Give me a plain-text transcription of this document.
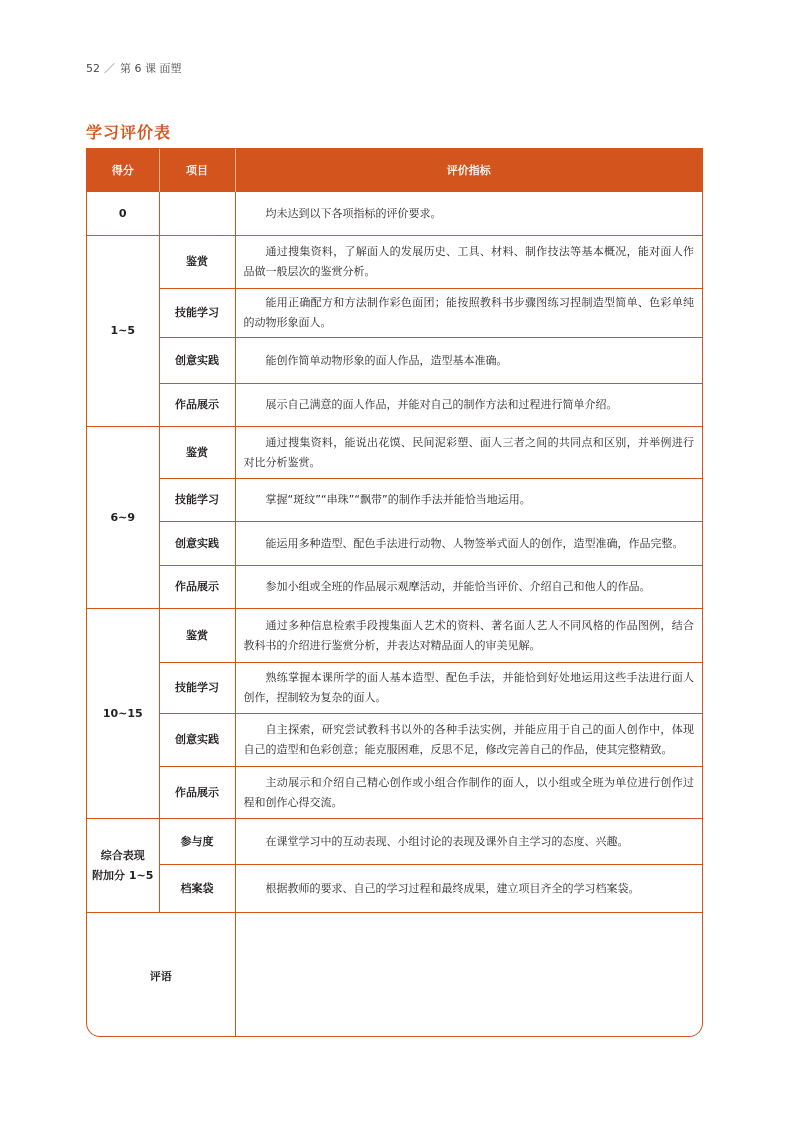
52 ／ 第 6 课 面塑
学习评价表
得分	项目	评价指标
0		均未达到以下各项指标的评价要求。
1~5	鉴赏	通过搜集资料，了解面人的发展历史、工具、材料、制作技法等基本概况，能对面人作品做一般层次的鉴赏分析。
	技能学习	能用正确配方和方法制作彩色面团；能按照教科书步骤图练习捏制造型简单、色彩单纯的动物形象面人。
	创意实践	能创作简单动物形象的面人作品，造型基本准确。
	作品展示	展示自己满意的面人作品，并能对自己的制作方法和过程进行简单介绍。
6~9	鉴赏	通过搜集资料，能说出花馍、民间泥彩塑、面人三者之间的共同点和区别，并举例进行对比分析鉴赏。
	技能学习	掌握“斑纹”“串珠”“飘带”的制作手法并能恰当地运用。
	创意实践	能运用多种造型、配色手法进行动物、人物签举式面人的创作，造型准确，作品完整。
	作品展示	参加小组或全班的作品展示观摩活动，并能恰当评价、介绍自己和他人的作品。
10~15	鉴赏	通过多种信息检索手段搜集面人艺术的资料、著名面人艺人不同风格的作品图例，结合教科书的介绍进行鉴赏分析，并表达对精品面人的审美见解。
	技能学习	熟练掌握本课所学的面人基本造型、配色手法，并能恰到好处地运用这些手法进行面人创作，捏制较为复杂的面人。
	创意实践	自主探索，研究尝试教科书以外的各种手法实例，并能应用于自己的面人创作中，体现自己的造型和色彩创意；能克服困难，反思不足，修改完善自己的作品，使其完整精致。
	作品展示	主动展示和介绍自己精心创作或小组合作制作的面人，以小组或全班为单位进行创作过程和创作心得交流。

综合表现
附加分 1~5	参与度	在课堂学习中的互动表现、小组讨论的表现及课外自主学习的态度、兴趣。
	档案袋	根据教师的要求、自己的学习过程和最终成果，建立项目齐全的学习档案袋。
评语		
